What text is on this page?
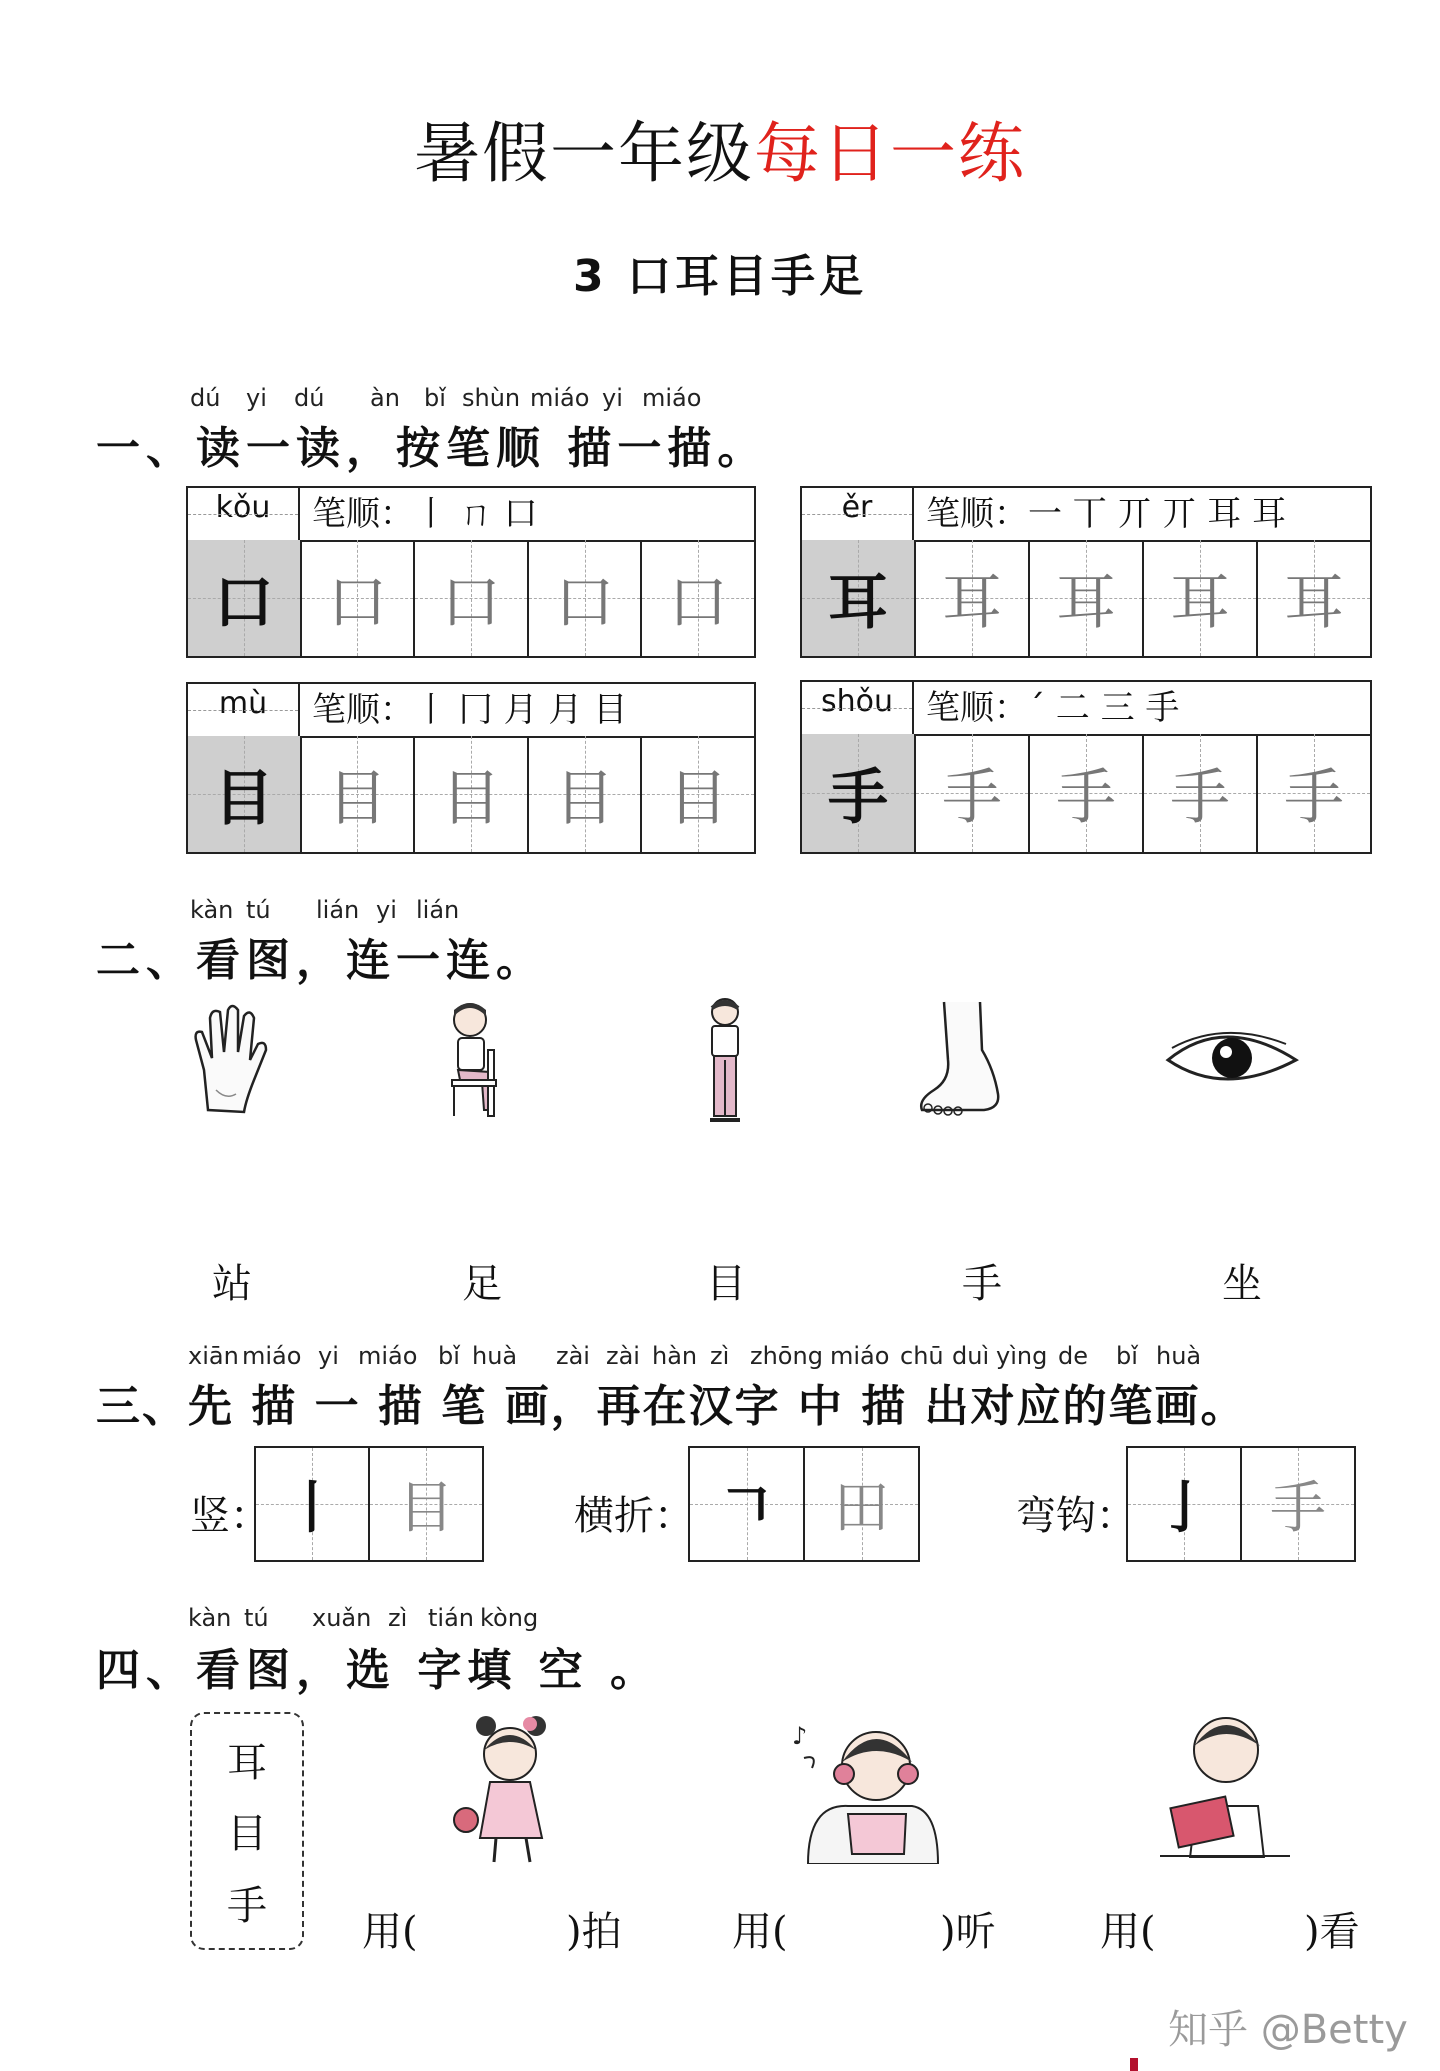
暑假一年级每日一练
3 口耳目手足
dú yi dú àn bǐ shùn miáo yi miáo
一、读一读，按笔顺 描一描。
kǒu	笔顺：丨 ㄇ 口
口 口 口 口 口
ěr	笔顺：一 丅 丌 丌 耳 耳
耳 耳 耳 耳 耳
mù	笔顺：丨 冂 月 月 目
目 目 目 目 目
shǒu 笔顺：ˊ 二 三 手
手 手 手 手 手
kàn tú lián yi lián
二、看图，连一连。
站	足	目	手	坐
xiān miáo yi miáo bǐ huà zài zài hàn zì zhōng miáo chū duì yìng de bǐ huà
三、先 描 一 描 笔 画，再在汉字 中 描 出对应的笔画。
竖： 丨 目	横折： 𠃍 田	弯钩： 亅 手
kàn tú xuǎn zì tián kòng
四、看图，选 字填 空 。
耳
目
手
♪
用(	)拍	用(	)听	用(	)看
知乎 @Betty
